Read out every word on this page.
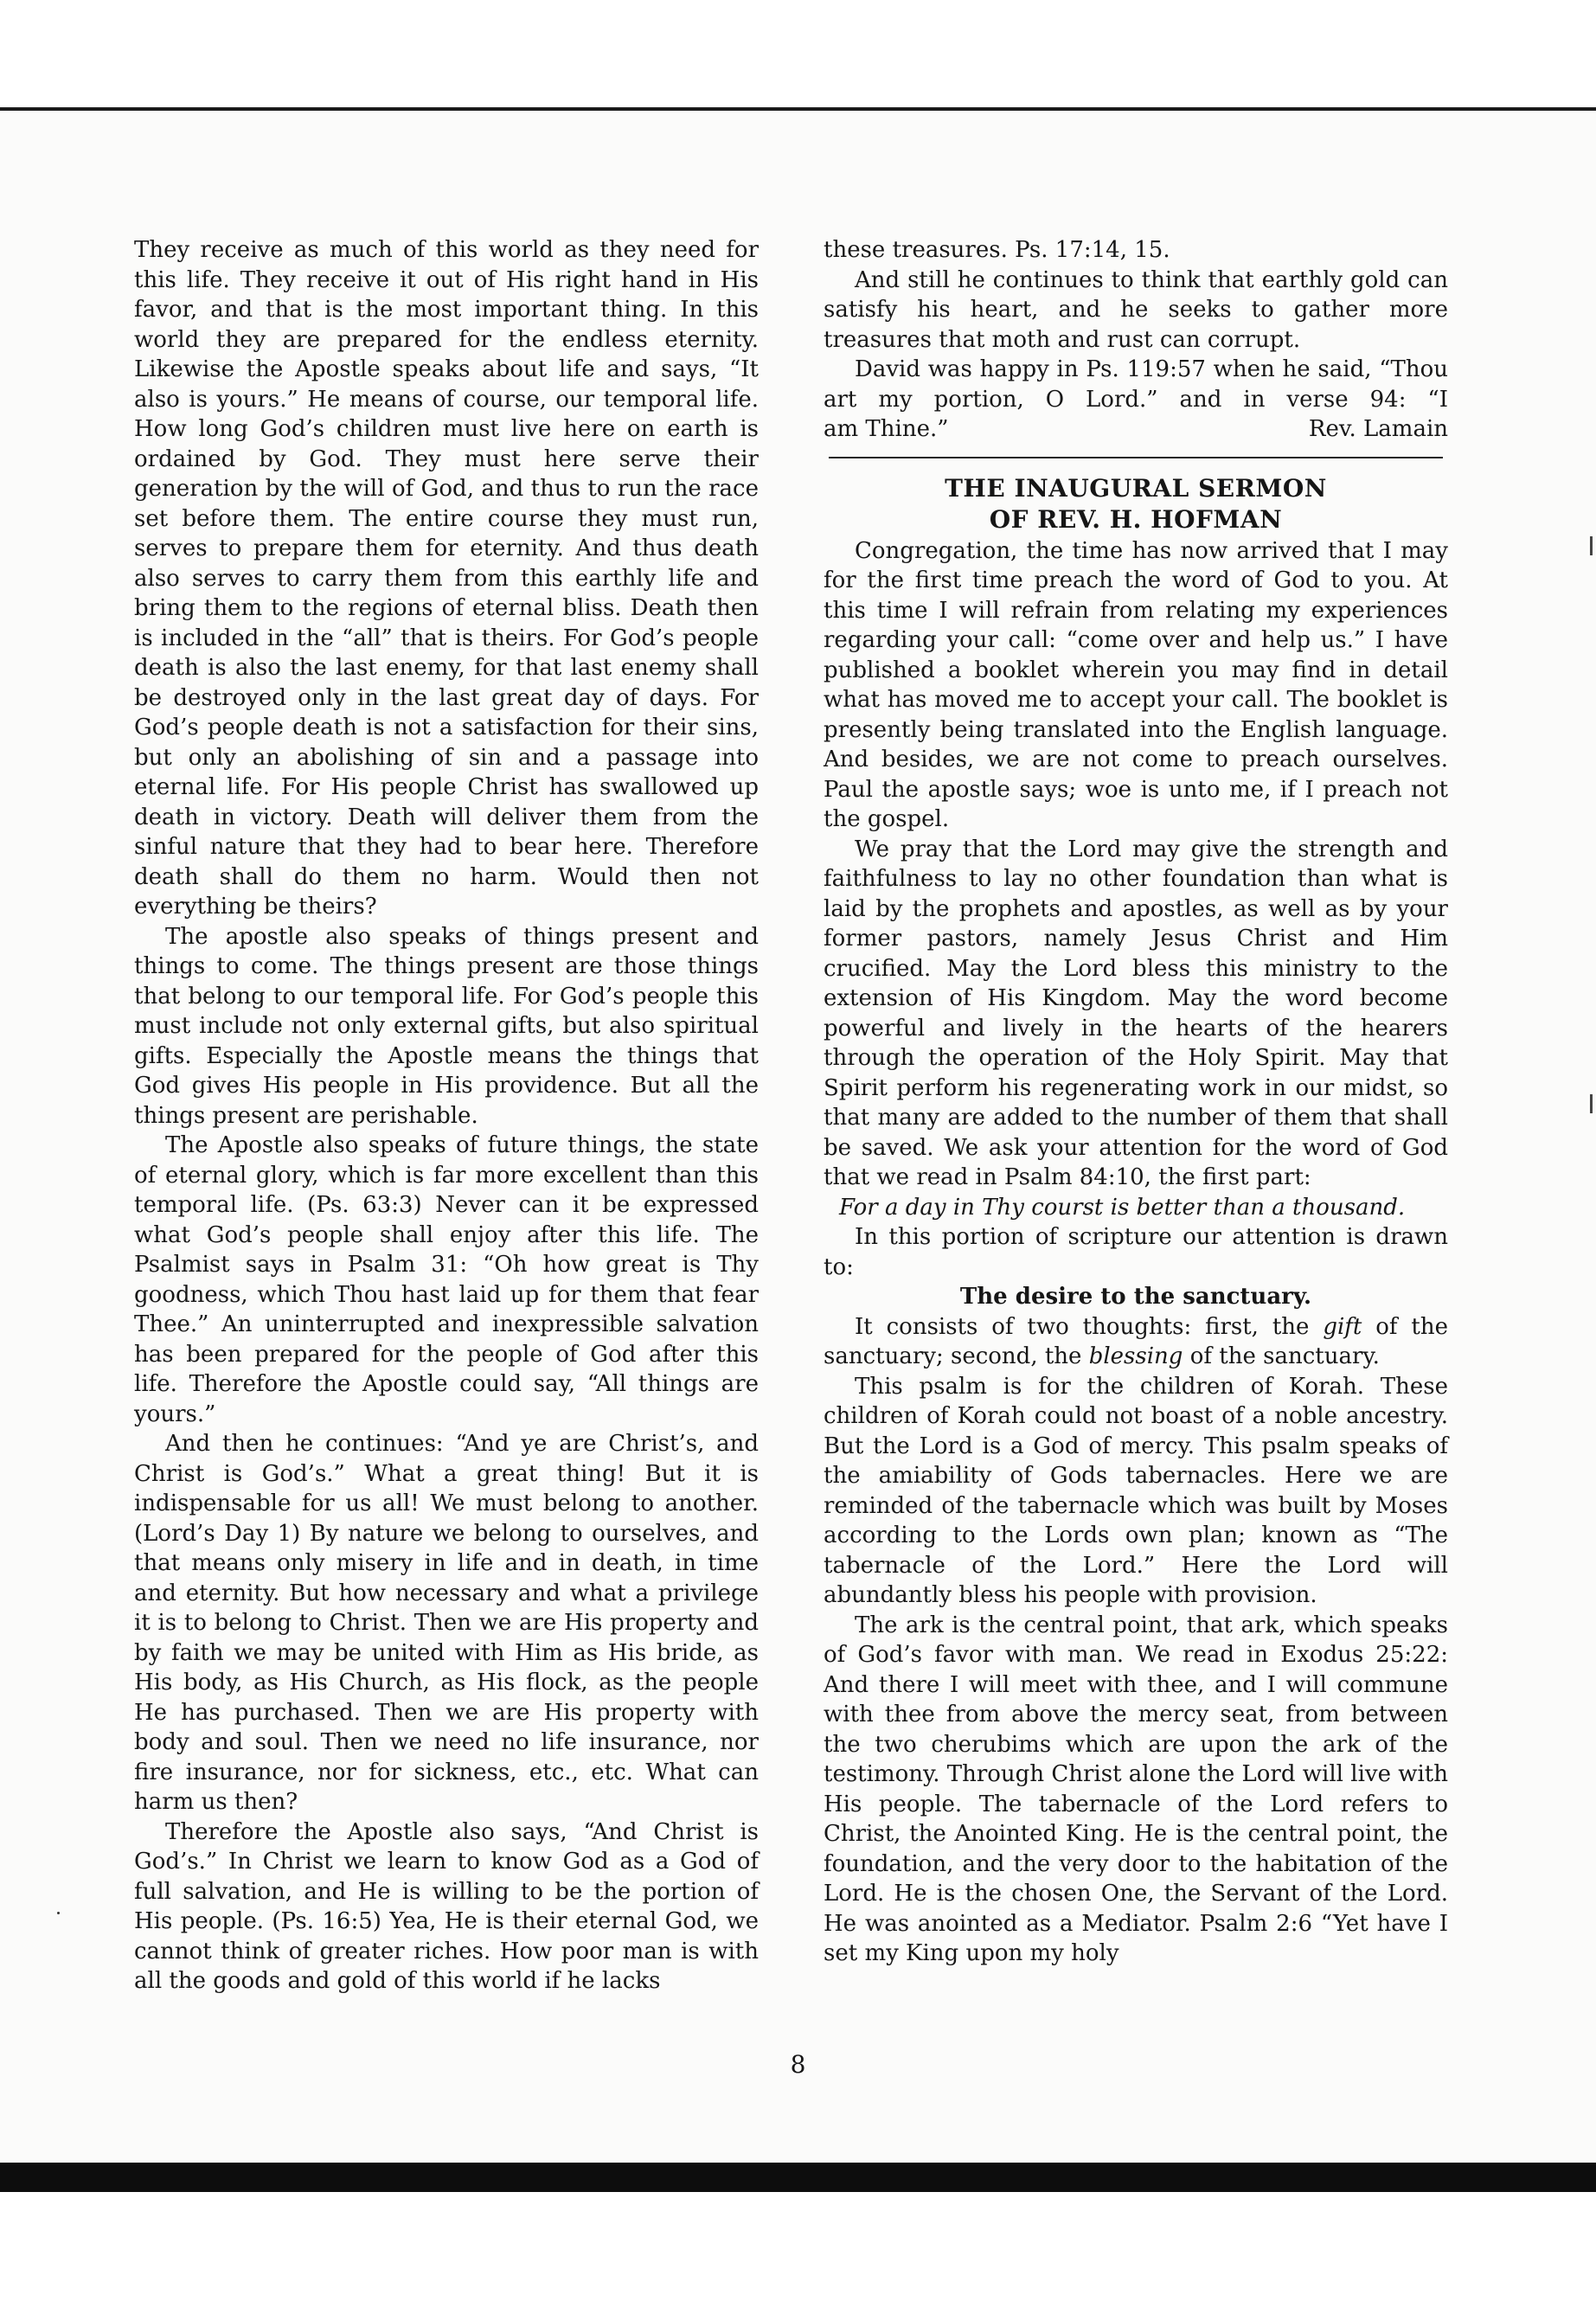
They receive as much of this world as they need for this life. They receive it out of His right hand in His favor, and that is the most important thing. In this world they are prepared for the endless eternity. Likewise the Apostle speaks about life and says, “It also is yours.” He means of course, our temporal life. How long God’s children must live here on earth is ordained by God. They must here serve their generation by the will of God, and thus to run the race set before them. The entire course they must run, serves to prepare them for eternity. And thus death also serves to carry them from this earthly life and bring them to the regions of eternal bliss. Death then is included in the “all” that is theirs. For God’s people death is also the last enemy, for that last enemy shall be destroyed only in the last great day of days. For God’s people death is not a satisfaction for their sins, but only an abolishing of sin and a passage into eternal life. For His people Christ has swallowed up death in victory. Death will deliver them from the sinful nature that they had to bear here. Therefore death shall do them no harm. Would then not everything be theirs?

The apostle also speaks of things present and things to come. The things present are those things that belong to our temporal life. For God’s people this must include not only external gifts, but also spiritual gifts. Especially the Apostle means the things that God gives His people in His providence. But all the things present are perishable.

The Apostle also speaks of future things, the state of eternal glory, which is far more excellent than this temporal life. (Ps. 63:3) Never can it be expressed what God’s people shall enjoy after this life. The Psalmist says in Psalm 31: “Oh how great is Thy goodness, which Thou hast laid up for them that fear Thee.” An uninterrupted and inexpressible salvation has been prepared for the people of God after this life. Therefore the Apostle could say, “All things are yours.”

And then he continues: “And ye are Christ’s, and Christ is God’s.” What a great thing! But it is indispensable for us all! We must belong to another. (Lord’s Day 1) By nature we belong to ourselves, and that means only misery in life and in death, in time and eternity. But how necessary and what a privilege it is to belong to Christ. Then we are His property and by faith we may be united with Him as His bride, as His body, as His Church, as His flock, as the people He has purchased. Then we are His property with body and soul. Then we need no life insurance, nor fire insurance, nor for sickness, etc., etc. What can harm us then?

Therefore the Apostle also says, “And Christ is God’s.” In Christ we learn to know God as a God of full salvation, and He is willing to be the portion of His people. (Ps. 16:5) Yea, He is their eternal God, we cannot think of greater riches. How poor man is with all the goods and gold of this world if he lacks

these treasures. Ps. 17:14, 15.

And still he continues to think that earthly gold can satisfy his heart, and he seeks to gather more treasures that moth and rust can corrupt.

David was happy in Ps. 119:57 when he said, “Thou art my portion, O Lord.” and in verse 94: “I

am Thine.”	Rev. Lamain
THE INAUGURAL SERMON
OF REV. H. HOFMAN

Congregation, the time has now arrived that I may for the first time preach the word of God to you. At this time I will refrain from relating my experiences regarding your call: “come over and help us.” I have published a booklet wherein you may find in detail what has moved me to accept your call. The booklet is presently being translated into the English language. And besides, we are not come to preach ourselves. Paul the apostle says; woe is unto me, if I preach not the gospel.

We pray that the Lord may give the strength and faithfulness to lay no other foundation than what is laid by the prophets and apostles, as well as by your former pastors, namely Jesus Christ and Him crucified. May the Lord bless this ministry to the extension of His Kingdom. May the word become powerful and lively in the hearts of the hearers through the operation of the Holy Spirit. May that Spirit perform his regenerating work in our midst, so that many are added to the number of them that shall be saved. We ask your attention for the word of God that we read in Psalm 84:10, the first part:

For a day in Thy courst is better than a thousand.

In this portion of scripture our attention is drawn to:

The desire to the sanctuary.

It consists of two thoughts: first, the gift of the sanctuary; second, the blessing of the sanctuary.

This psalm is for the children of Korah. These children of Korah could not boast of a noble ancestry. But the Lord is a God of mercy. This psalm speaks of the amiability of Gods tabernacles. Here we are reminded of the tabernacle which was built by Moses according to the Lords own plan; known as “The tabernacle of the Lord.” Here the Lord will abundantly bless his people with provision.

The ark is the central point, that ark, which speaks of God’s favor with man. We read in Exodus 25:22: And there I will meet with thee, and I will commune with thee from above the mercy seat, from between the two cherubims which are upon the ark of the testimony. Through Christ alone the Lord will live with His people. The tabernacle of the Lord refers to Christ, the Anointed King. He is the central point, the foundation, and the very door to the habitation of the Lord. He is the chosen One, the Servant of the Lord. He was anointed as a Mediator. Psalm 2:6 “Yet have I set my King upon my holy

8
